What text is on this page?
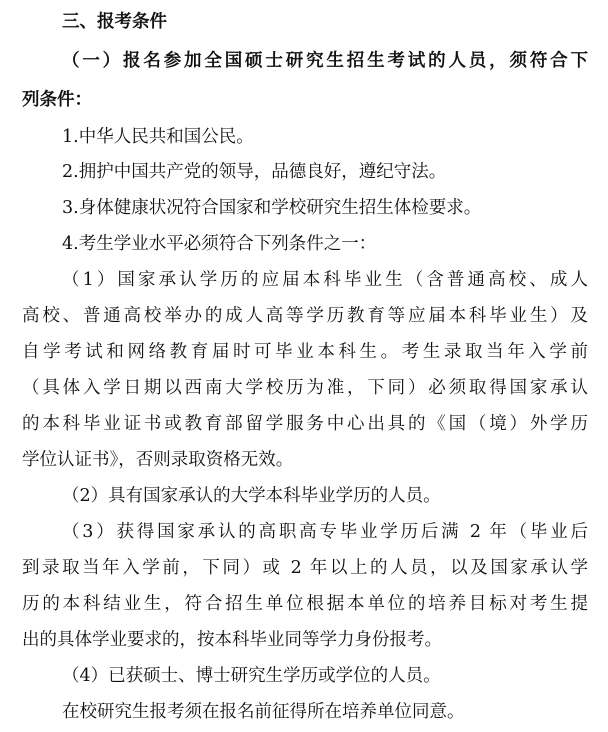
三、报考条件
（一）报名参加全国硕士研究生招生考试的人员，须符合下
列条件：
1.中华人民共和国公民。
2.拥护中国共产党的领导，品德良好，遵纪守法。
3.身体健康状况符合国家和学校研究生招生体检要求。
4.考生学业水平必须符合下列条件之一：
（1）国家承认学历的应届本科毕业生（含普通高校、成人
高校、普通高校举办的成人高等学历教育等应届本科毕业生）及
自学考试和网络教育届时可毕业本科生。考生录取当年入学前
（具体入学日期以西南大学校历为准，下同）必须取得国家承认
的本科毕业证书或教育部留学服务中心出具的《国（境）外学历
学位认证书》，否则录取资格无效。
（2）具有国家承认的大学本科毕业学历的人员。
（3）获得国家承认的高职高专毕业学历后满 2 年（毕业后
到录取当年入学前，下同）或 2 年以上的人员，以及国家承认学
历的本科结业生，符合招生单位根据本单位的培养目标对考生提
出的具体学业要求的，按本科毕业同等学力身份报考。
（4）已获硕士、博士研究生学历或学位的人员。
在校研究生报考须在报名前征得所在培养单位同意。
